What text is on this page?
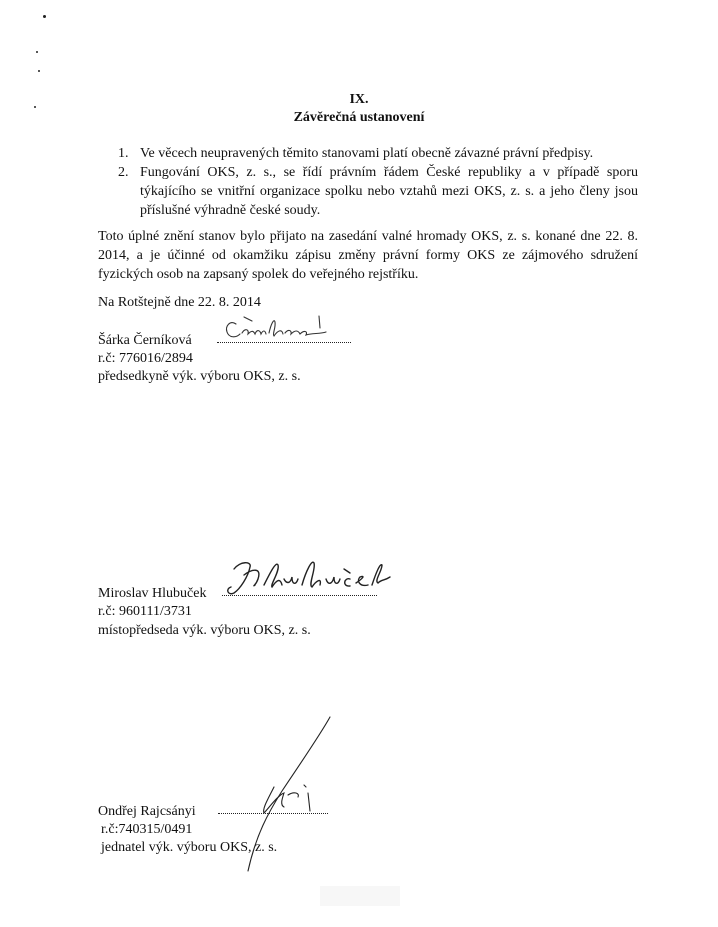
IX.
Závěrečná ustanovení
1. Ve věcech neupravených těmito stanovami platí obecně závazné právní předpisy.
2. Fungování OKS, z. s., se řídí právním řádem České republiky a v případě sporu týkajícího se vnitřní organizace spolku nebo vztahů mezi OKS, z. s. a jeho členy jsou příslušné výhradně české soudy.
Toto úplné znění stanov bylo přijato na zasedání valné hromady OKS, z. s. konané dne 22. 8. 2014, a je účinné od okamžiku zápisu změny právní formy OKS ze zájmového sdružení fyzických osob na zapsaný spolek do veřejného rejstříku.
Na Rotštejně dne 22. 8. 2014
Šárka Černíková
r.č: 776016/2894
předsedkyně výk. výboru OKS, z. s.
Miroslav Hlubuček
r.č: 960111/3731
místopředseda výk. výboru OKS, z. s.
Ondřej Rajcsányi
r.č:740315/0491
jednatel výk. výboru OKS, z. s.
